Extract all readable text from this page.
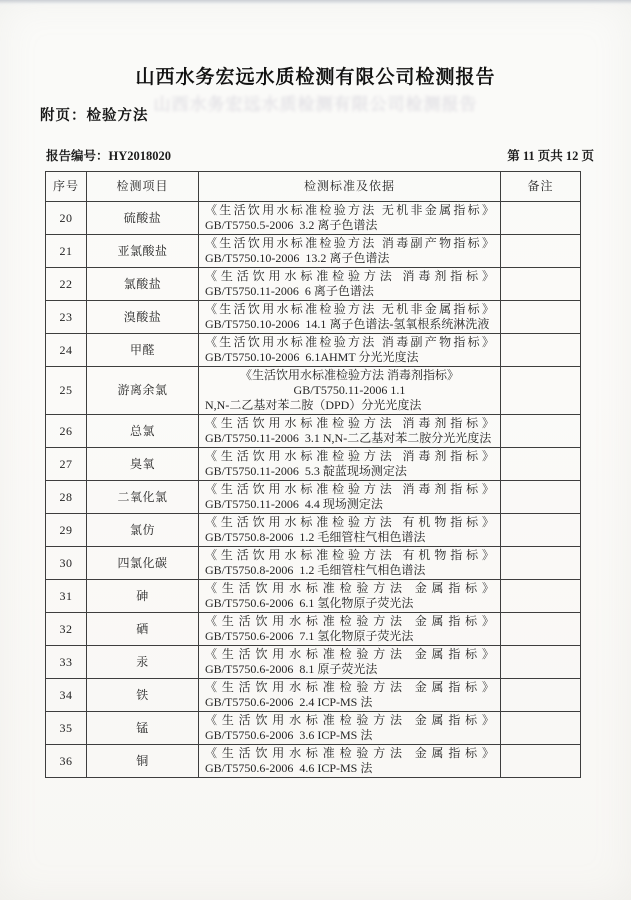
山西水务宏远水质检测有限公司检测报告
山西水务宏远水质检测有限公司检测报告
附页：检验方法
报告编号：HY2018020	第 11 页共 12 页
序号	检测项目	检测标准及依据	备注
20	硫酸盐	《生活饮用水标准检验方法 无机非金属指标》
GB/T5750.5-2006  3.2 离子色谱法	

21	亚氯酸盐	《生活饮用水标准检验方法 消毒副产物指标》
GB/T5750.10-2006  13.2 离子色谱法	

22	氯酸盐	《生活饮用水标准检验方法 消毒剂指标》
GB/T5750.11-2006  6 离子色谱法	

23	溴酸盐	《生活饮用水标准检验方法 无机非金属指标》
GB/T5750.10-2006  14.1 离子色谱法-氢氧根系统淋洗液	

24	甲醛	《生活饮用水标准检验方法 消毒副产物指标》
GB/T5750.10-2006  6.1AHMT 分光光度法	

25	游离余氯	《生活饮用水标准检验方法 消毒剂指标》
GB/T5750.11-2006 1.1
N,N-二乙基对苯二胺（DPD）分光光度法	

26	总氯	《生活饮用水标准检验方法 消毒剂指标》
GB/T5750.11-2006  3.1 N,N-二乙基对苯二胺分光光度法	

27	臭氧	《生活饮用水标准检验方法 消毒剂指标》
GB/T5750.11-2006  5.3 靛蓝现场测定法	

28	二氧化氯	《生活饮用水标准检验方法 消毒剂指标》
GB/T5750.11-2006  4.4 现场测定法	

29	氯仿	《生活饮用水标准检验方法 有机物指标》
GB/T5750.8-2006  1.2 毛细管柱气相色谱法	

30	四氯化碳	《生活饮用水标准检验方法 有机物指标》
GB/T5750.8-2006  1.2 毛细管柱气相色谱法	

31	砷	《生活饮用水标准检验方法 金属指标》
GB/T5750.6-2006  6.1 氢化物原子荧光法	

32	硒	《生活饮用水标准检验方法 金属指标》
GB/T5750.6-2006  7.1 氢化物原子荧光法	

33	汞	《生活饮用水标准检验方法 金属指标》
GB/T5750.6-2006  8.1 原子荧光法	

34	铁	《生活饮用水标准检验方法 金属指标》
GB/T5750.6-2006  2.4 ICP-MS 法	

35	锰	《生活饮用水标准检验方法 金属指标》
GB/T5750.6-2006  3.6 ICP-MS 法	

36	铜	《生活饮用水标准检验方法 金属指标》
GB/T5750.6-2006  4.6 ICP-MS 法	
